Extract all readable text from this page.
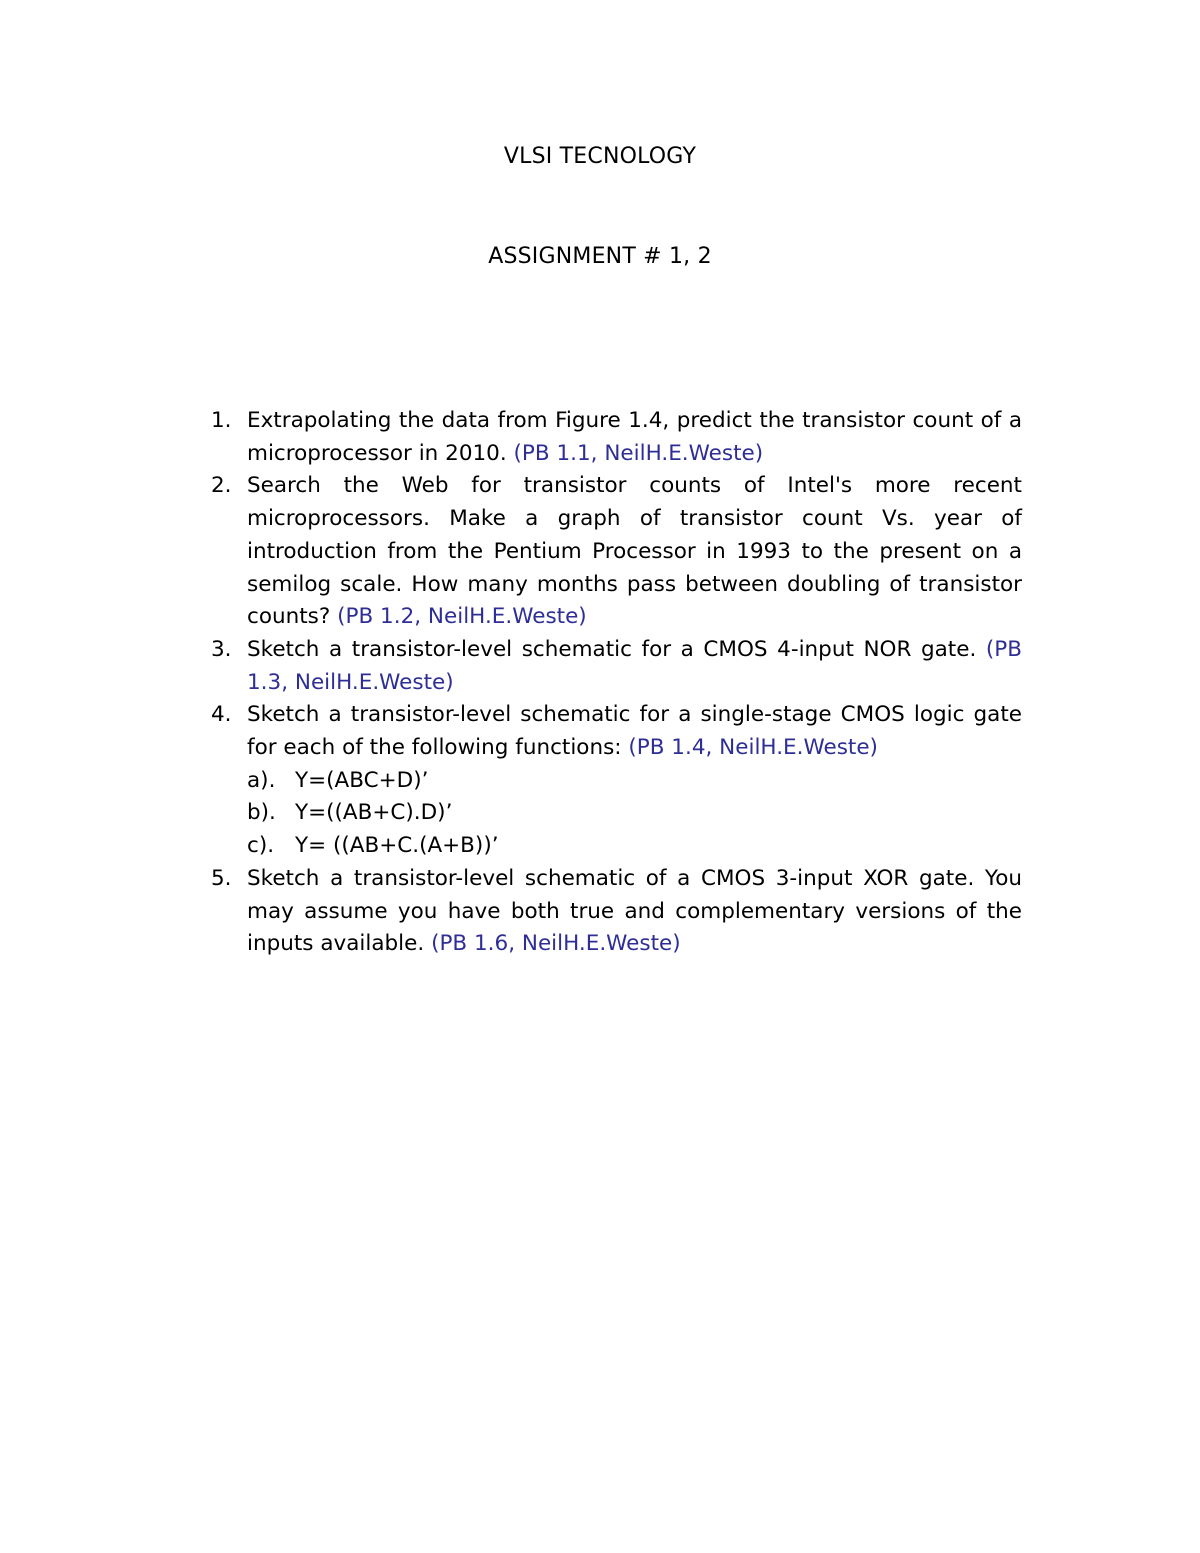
VLSI TECNOLOGY
ASSIGNMENT # 1, 2
1. Extrapolating the data from Figure 1.4, predict the transistor count of a microprocessor in 2010. (PB 1.1, NeilH.E.Weste)
2. Search the Web for transistor counts of Intel's more recent microprocessors. Make a graph of transistor count Vs. year of introduction from the Pentium Processor in 1993 to the present on a semilog scale. How many months pass between doubling of transistor counts? (PB 1.2, NeilH.E.Weste)
3. Sketch a transistor-level schematic for a CMOS 4-input NOR gate. (PB 1.3, NeilH.E.Weste)
4. Sketch a transistor-level schematic for a single-stage CMOS logic gate for each of the following functions: (PB 1.4, NeilH.E.Weste)
a). Y=(ABC+D)’
b). Y=((AB+C).D)’
c). Y= ((AB+C.(A+B))’
5. Sketch a transistor-level schematic of a CMOS 3-input XOR gate. You may assume you have both true and complementary versions of the inputs available. (PB 1.6, NeilH.E.Weste)
